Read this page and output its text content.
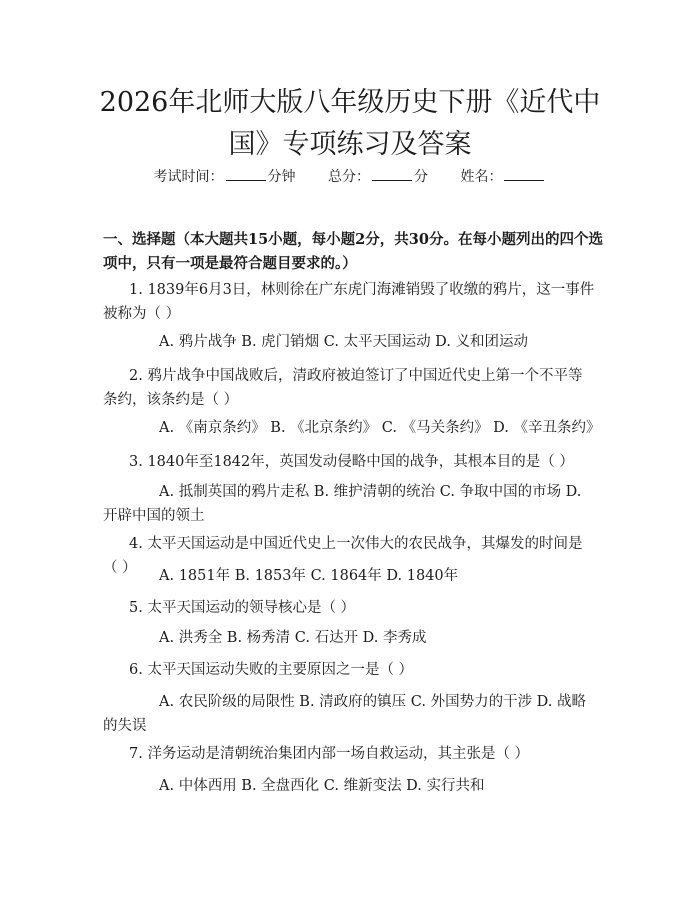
2026年北师大版八年级历史下册《近代中国》专项练习及答案
考试时间：	分钟 总分：	分 姓名：
一、选择题（本大题共15小题，每小题2分，共30分。在每小题列出的四个选项中，只有一项是最符合题目要求的。）
1. 1839年6月3日，林则徐在广东虎门海滩销毁了收缴的鸦片，这一事件被称为（ ）
A. 鸦片战争 B. 虎门销烟 C. 太平天国运动 D. 义和团运动
2. 鸦片战争中国战败后，清政府被迫签订了中国近代史上第一个不平等条约，该条约是（ ）
A. 《南京条约》 B. 《北京条约》 C. 《马关条约》 D. 《辛丑条约》
3. 1840年至1842年，英国发动侵略中国的战争，其根本目的是（ ）
A. 抵制英国的鸦片走私 B. 维护清朝的统治 C. 争取中国的市场 D. 开辟中国的领土
4. 太平天国运动是中国近代史上一次伟大的农民战争，其爆发的时间是（ ）	A. 1851年 B. 1853年 C. 1864年 D. 1840年
5. 太平天国运动的领导核心是（ ）
A. 洪秀全 B. 杨秀清 C. 石达开 D. 李秀成
6. 太平天国运动失败的主要原因之一是（ ）
A. 农民阶级的局限性 B. 清政府的镇压 C. 外国势力的干涉 D. 战略的失误
7. 洋务运动是清朝统治集团内部一场自救运动，其主张是（ ）
A. 中体西用 B. 全盘西化 C. 维新变法 D. 实行共和
